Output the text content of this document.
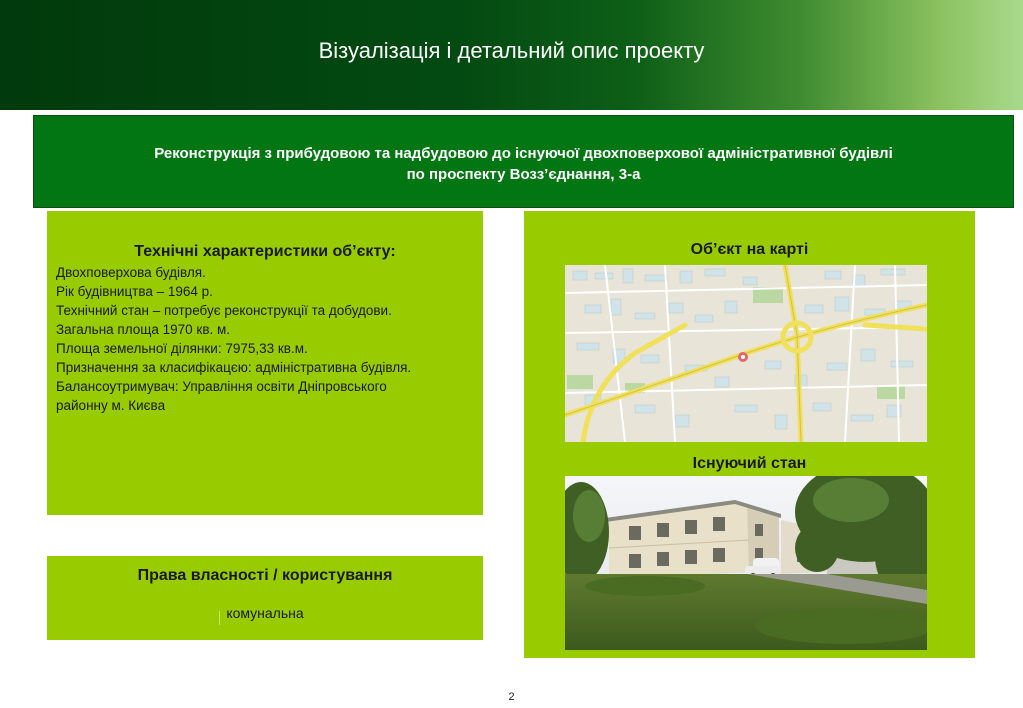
Візуалізація і детальний опис проекту
Реконструкція з прибудовою та надбудовою до існуючої двохповерхової адміністративної будівлі
по проспекту Возз’єднання, 3-а
Технічні характеристики об’єкту:
Двохповерхова будівля.
Рік будівництва – 1964 р.
Технічний стан – потребує реконструкції та добудови.
Загальна площа 1970 кв. м.
Площа земельної ділянки: 7975,33 кв.м.
Призначення за класифікацєю: адміністративна будівля.
Балансоутримувач: Управління освіти Дніпровського
районну м. Києва
Права власності / користування
комунальна
Об’єкт на карті
Існуючий стан
2
